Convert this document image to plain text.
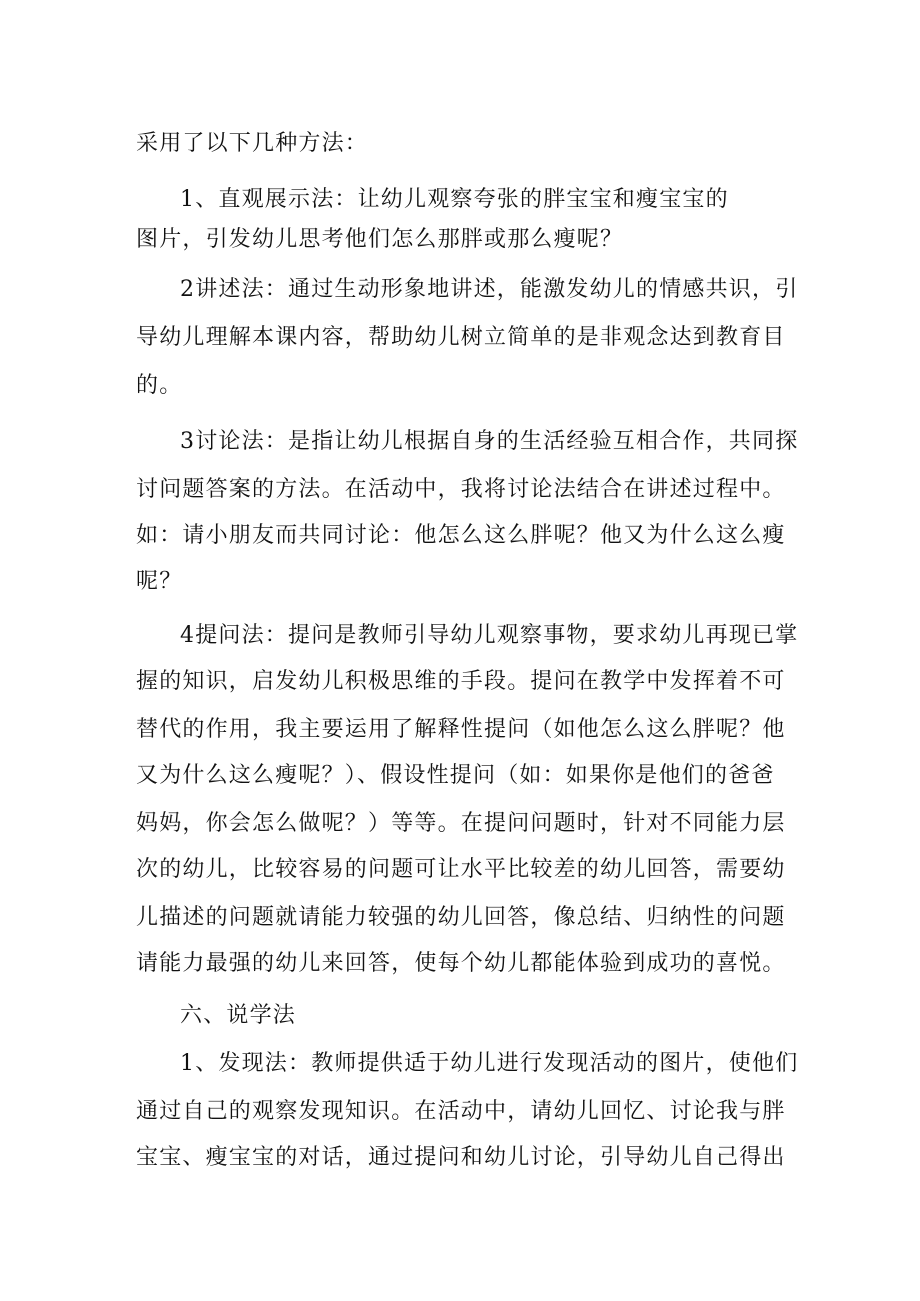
采用了以下几种方法：
1、直观展示法：让幼儿观察夸张的胖宝宝和瘦宝宝的
图片，引发幼儿思考他们怎么那胖或那么瘦呢？
2讲述法：通过生动形象地讲述，能激发幼儿的情感共识，引
导幼儿理解本课内容，帮助幼儿树立简单的是非观念达到教育目
的。
3讨论法：是指让幼儿根据自身的生活经验互相合作，共同探
讨问题答案的方法。在活动中，我将讨论法结合在讲述过程中。
如：请小朋友而共同讨论：他怎么这么胖呢？他又为什么这么瘦
呢？
4提问法：提问是教师引导幼儿观察事物，要求幼儿再现已掌
握的知识，启发幼儿积极思维的手段。提问在教学中发挥着不可
替代的作用，我主要运用了解释性提问（如他怎么这么胖呢？他
又为什么这么瘦呢？）、假设性提问（如：如果你是他们的爸爸
妈妈，你会怎么做呢？）等等。在提问问题时，针对不同能力层
次的幼儿，比较容易的问题可让水平比较差的幼儿回答，需要幼
儿描述的问题就请能力较强的幼儿回答，像总结、归纳性的问题
请能力最强的幼儿来回答，使每个幼儿都能体验到成功的喜悦。
六、说学法
1、发现法：教师提供适于幼儿进行发现活动的图片，使他们
通过自己的观察发现知识。在活动中，请幼儿回忆、讨论我与胖
宝宝、瘦宝宝的对话，通过提问和幼儿讨论，引导幼儿自己得出
